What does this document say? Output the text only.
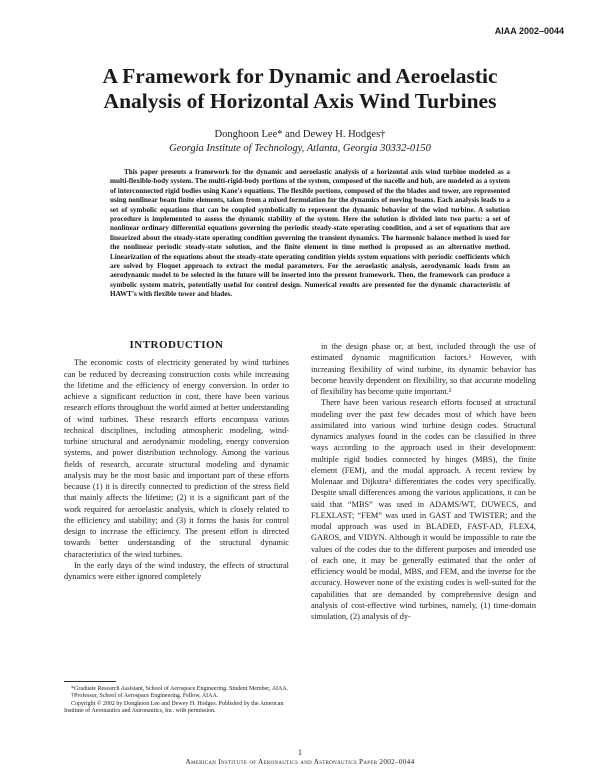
AIAA 2002–0044
A Framework for Dynamic and Aeroelastic
Analysis of Horizontal Axis Wind Turbines
Donghoon Lee* and Dewey H. Hodges†
Georgia Institute of Technology, Atlanta, Georgia 30332-0150
This paper presents a framework for the dynamic and aeroelastic analysis of a horizontal axis wind turbine modeled as a multi-flexible-body system. The multi-rigid-body portions of the system, composed of the nacelle and hub, are modeled as a system of interconnected rigid bodies using Kane's equations. The flexible portions, composed of the the blades and tower, are represented using nonlinear beam finite elements, taken from a mixed formulation for the dynamics of moving beams. Each analysis leads to a set of symbolic equations that can be coupled symbolically to represent the dynamic behavior of the wind turbine. A solution procedure is implemented to assess the dynamic stability of the system. Here the solution is divided into two parts: a set of nonlinear ordinary differential equations governing the periodic steady-state operating condition, and a set of equations that are linearized about the steady-state operating condition governing the transient dynamics. The harmonic balance method is used for the nonlinear periodic steady-state solution, and the finite element in time method is proposed as an alternative method. Linearization of the equations about the steady-state operating condition yields system equations with periodic coefficients which are solved by Floquet approach to extract the modal parameters. For the aeroelastic analysis, aerodynamic loads from an aerodynamic model to be selected in the future will be inserted into the present framework. Then, the framework can produce a symbolic system matrix, potentially useful for control design. Numerical results are presented for the dynamic characteristic of HAWT's with flexible tower and blades.
INTRODUCTION

The economic costs of electricity generated by wind turbines can be reduced by decreasing construction costs while increasing the lifetime and the efficiency of energy conversion. In order to achieve a significant reduction in cost, there have been various research efforts throughout the world aimed at better understanding of wind turbines. These research efforts encompass various technical disciplines, including atmospheric modeling, wind-turbine structural and aerodynamic modeling, energy conversion systems, and power distribution technology. Among the various fields of research, accurate structural modeling and dynamic analysis may be the most basic and important part of these efforts because (1) it is directly connected to prediction of the stress field that mainly affects the lifetime; (2) it is a significant part of the work required for aeroelastic analysis, which is closely related to the efficiency and stability; and (3) it forms the basis for control design to increase the efficiency. The present effort is directed towards better understanding of the structural dynamic characteristics of the wind turbines.

In the early days of the wind industry, the effects of structural dynamics were either ignored completely

in the design phase or, at best, included through the use of estimated dynamic magnification factors.¹ However, with increasing flexibility of wind turbine, its dynamic behavior has become heavily dependent on flexibility, so that accurate modeling of flexibility has become quite important.²

There have been various research efforts focused at structural modeling over the past few decades most of which have been assimilated into various wind turbine design codes. Structural dynamics analyses found in the codes can be classified in three ways according to the approach used in their development: multiple rigid bodies connected by hinges (MBS), the finite element (FEM), and the modal approach. A recent review by Molenaar and Dijkstra³ differentiates the codes very specifically. Despite small differences among the various applications, it can be said that “MBS” was used in ADAMS/WT, DUWECS, and FLEXLAST; “FEM” was used in GAST and TWISTER; and the modal approach was used in BLADED, FAST-AD, FLEX4, GAROS, and VIDYN. Although it would be impossible to rate the values of the codes due to the different purposes and intended use of each one, it may be generally estimated that the order of efficiency would be modal, MBS, and FEM, and the inverse for the accuracy. However none of the existing codes is well-suited for the capabilities that are demanded by comprehensive design and analysis of cost-effective wind turbines, namely, (1) time-domain simulation, (2) analysis of dy-

*Graduate Research Assistant, School of Aerospace Engineering. Student Member, AIAA.

†Professor, School of Aerospace Engineering. Fellow, AIAA.

Copyright © 2002 by Donghoon Lee and Dewey H. Hodges. Published by the American Institute of Aeronautics and Astronautics, Inc. with permission.

1
American Institute of Aeronautics and Astronautics Paper 2002–0044
